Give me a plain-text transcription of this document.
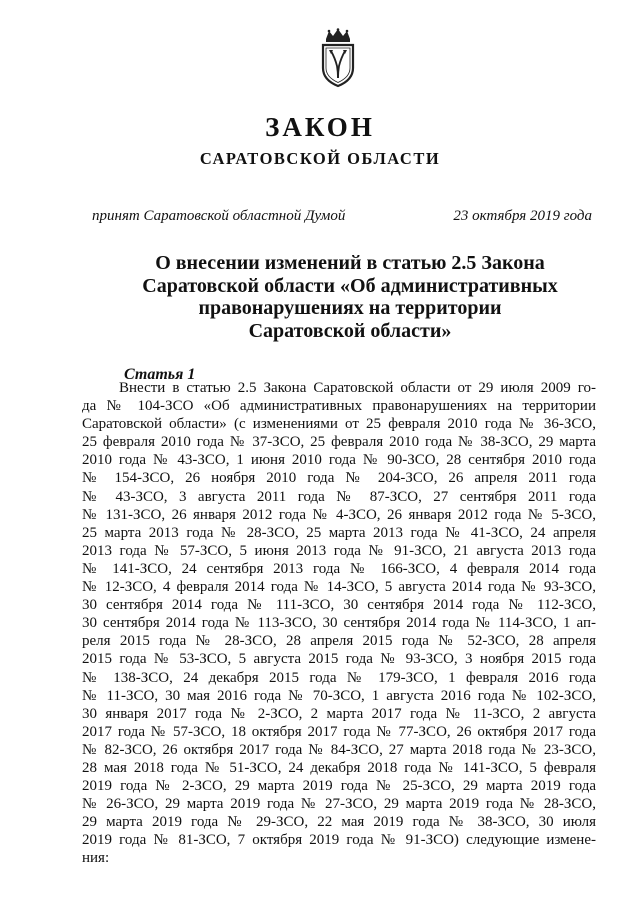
ЗАКОН
САРАТОВСКОЙ ОБЛАСТИ
принят Саратовской областной Думой	23 октября 2019 года
О внесении изменений в статью 2.5 Закона
Саратовской области «Об административных
правонарушениях на территории
Саратовской области»
Статья 1
Внести в статью 2.5 Закона Саратовской области от 29 июля 2009 го-
да № 104-ЗСО «Об административных правонарушениях на территории
Саратовской области» (с изменениями от 25 февраля 2010 года № 36-ЗСО,
25 февраля 2010 года № 37-ЗСО, 25 февраля 2010 года № 38-ЗСО, 29 марта
2010 года № 43-ЗСО, 1 июня 2010 года № 90-ЗСО, 28 сентября 2010 года
№ 154-ЗСО, 26 ноября 2010 года № 204-ЗСО, 26 апреля 2011 года
№ 43-ЗСО, 3 августа 2011 года № 87-ЗСО, 27 сентября 2011 года
№ 131-ЗСО, 26 января 2012 года № 4-ЗСО, 26 января 2012 года № 5-ЗСО,
25 марта 2013 года № 28-ЗСО, 25 марта 2013 года № 41-ЗСО, 24 апреля
2013 года № 57-ЗСО, 5 июня 2013 года № 91-ЗСО, 21 августа 2013 года
№ 141-ЗСО, 24 сентября 2013 года № 166-ЗСО, 4 февраля 2014 года
№ 12-ЗСО, 4 февраля 2014 года № 14-ЗСО, 5 августа 2014 года № 93-ЗСО,
30 сентября 2014 года № 111-ЗСО, 30 сентября 2014 года № 112-ЗСО,
30 сентября 2014 года № 113-ЗСО, 30 сентября 2014 года № 114-ЗСО, 1 ап-
реля 2015 года № 28-ЗСО, 28 апреля 2015 года № 52-ЗСО, 28 апреля
2015 года № 53-ЗСО, 5 августа 2015 года № 93-ЗСО, 3 ноября 2015 года
№ 138-ЗСО, 24 декабря 2015 года № 179-ЗСО, 1 февраля 2016 года
№ 11-ЗСО, 30 мая 2016 года № 70-ЗСО, 1 августа 2016 года № 102-ЗСО,
30 января 2017 года № 2-ЗСО, 2 марта 2017 года № 11-ЗСО, 2 августа
2017 года № 57-ЗСО, 18 октября 2017 года № 77-ЗСО, 26 октября 2017 года
№ 82-ЗСО, 26 октября 2017 года № 84-ЗСО, 27 марта 2018 года № 23-ЗСО,
28 мая 2018 года № 51-ЗСО, 24 декабря 2018 года № 141-ЗСО, 5 февраля
2019 года № 2-ЗСО, 29 марта 2019 года № 25-ЗСО, 29 марта 2019 года
№ 26-ЗСО, 29 марта 2019 года № 27-ЗСО, 29 марта 2019 года № 28-ЗСО,
29 марта 2019 года № 29-ЗСО, 22 мая 2019 года № 38-ЗСО, 30 июля
2019 года № 81-ЗСО, 7 октября 2019 года № 91-ЗСО) следующие измене-
ния:
